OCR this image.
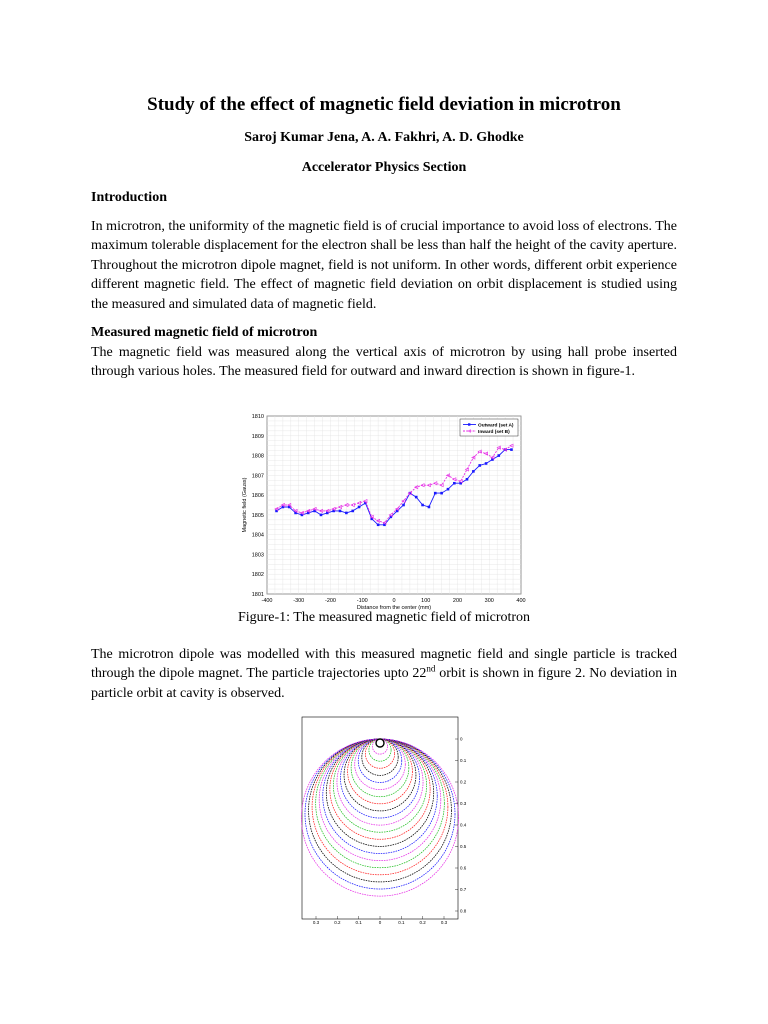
Study of the effect of magnetic field deviation in microtron
Saroj Kumar Jena, A. A. Fakhri, A. D. Ghodke
Accelerator Physics Section
Introduction
In microtron, the uniformity of the magnetic field is of crucial importance to avoid loss of electrons. The maximum tolerable displacement for the electron shall be less than half the height of the cavity aperture. Throughout the microtron dipole magnet, field is not uniform. In other words, different orbit experience different magnetic field. The effect of magnetic field deviation on orbit displacement is studied using the measured and simulated data of magnetic field.
Measured magnetic field of microtron
The magnetic field was measured along the vertical axis of microtron by using hall probe inserted through various holes. The measured field for outward and inward direction is shown in figure-1.
-400	-300	-200	-100	0	100	200	300	400
1801
1802
1803
1804
1805
1806
1807
1808
1809
1810
Distance from the center (mm)
Magnetic field (Gauss)
Outward (set A)
Inward (set B)
Figure-1: The measured magnetic field of microtron
The microtron dipole was modelled with this measured magnetic field and single particle is tracked through the dipole magnet. The particle trajectories upto 22nd orbit is shown in figure 2. No deviation in particle orbit at cavity is observed.
0
0.1
0.2
0.3
0.4
0.5
0.6
0.7
0.8
0.3	0.2	0.1	0	0.1	0.2	0.3
